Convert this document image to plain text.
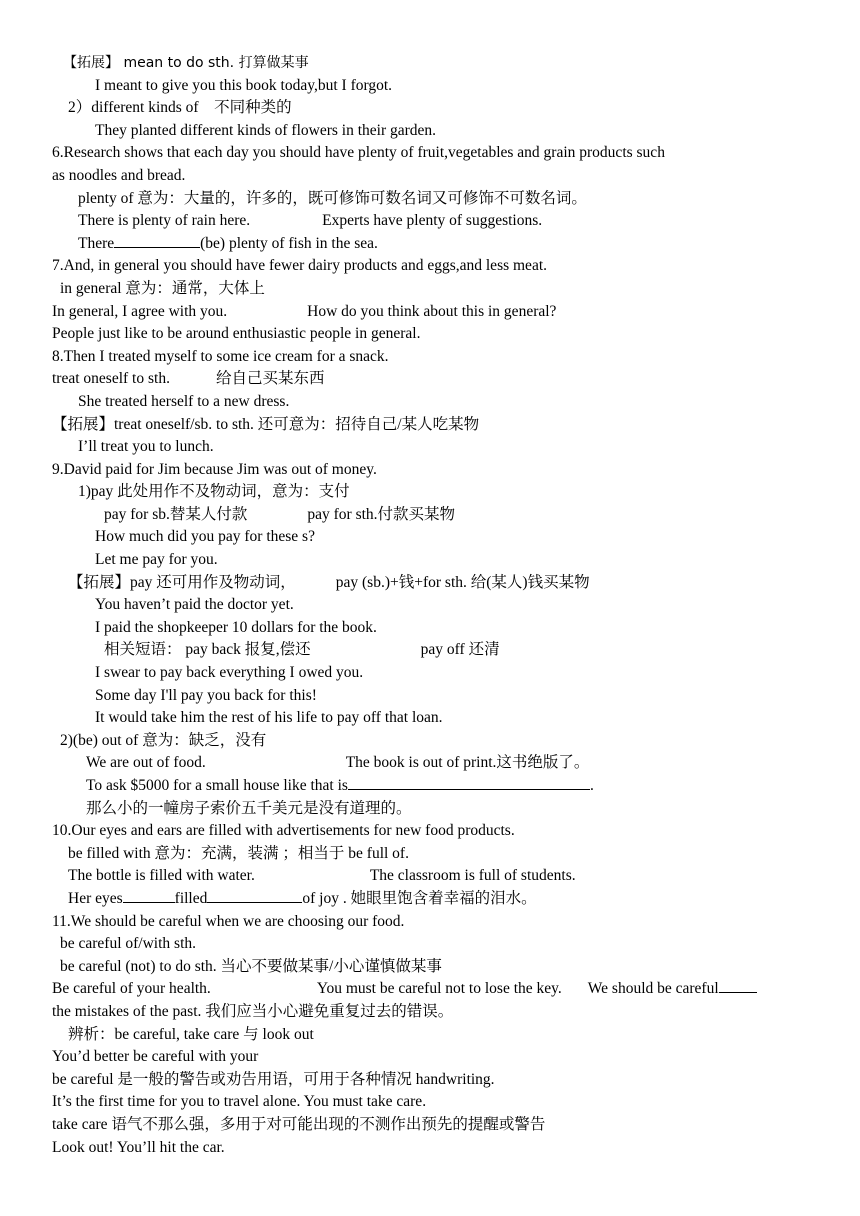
【拓展】 mean to do sth. 打算做某事
I meant to give you this book today,but I forgot.
2）different kinds of　不同种类的
They planted different kinds of flowers in their garden.
6.Research shows that each day you should have plenty of fruit,vegetables and grain products such
as noodles and bread.
plenty of 意为：大量的，许多的，既可修饰可数名词又可修饰不可数名词。
There is plenty of rain here.	Experts have plenty of suggestions.
There	(be) plenty of fish in the sea.
7.And, in general you should have fewer dairy products and eggs,and less meat.
in general 意为：通常，大体上
In general, I agree with you.	How do you think about this in general?
People just like to be around enthusiastic people in general.
8.Then I treated myself to some ice cream for a snack.
treat oneself to sth.	给自己买某东西
She treated herself to a new dress.
【拓展】treat oneself/sb. to sth. 还可意为：招待自己/某人吃某物
I’ll treat you to lunch.
9.David paid for Jim because Jim was out of money.
1)pay 此处用作不及物动词，意为：支付
pay for sb.替某人付款	pay for sth.付款买某物
How much did you pay for these s?
Let me pay for you.
【拓展】pay 还可用作及物动词，	pay (sb.)+钱+for sth. 给(某人)钱买某物
You haven’t paid the doctor yet.
I paid the shopkeeper 10 dollars for the book.
相关短语： pay back 报复,偿还	pay off 还清
I swear to pay back everything I owed you.
Some day I'll pay you back for this!
It would take him the rest of his life to pay off that loan.
2)(be) out of 意为：缺乏，没有
We are out of food.	The book is out of print.这书绝版了。
To ask $5000 for a small house like that is	.
那么小的一幢房子索价五千美元是没有道理的。
10.Our eyes and ears are filled with advertisements for new food products.
be filled with 意为：充满，装满 ；相当于 be full of.
The bottle is filled with water.	The classroom is full of students.
Her eyes	filled	of joy . 她眼里饱含着幸福的泪水。
11.We should be careful when we are choosing our food.
be careful of/with sth.
be careful (not) to do sth. 当心不要做某事/小心谨慎做某事
Be careful of your health.	You must be careful not to lose the key. We should be careful
the mistakes of the past. 我们应当小心避免重复过去的错误。
辨析：be careful, take care 与 look out
You’d better be careful with your
be careful 是一般的警告或劝告用语，可用于各种情况 handwriting.
It’s the first time for you to travel alone. You must take care.
take care 语气不那么强，多用于对可能出现的不测作出预先的提醒或警告
Look out! You’ll hit the car.
